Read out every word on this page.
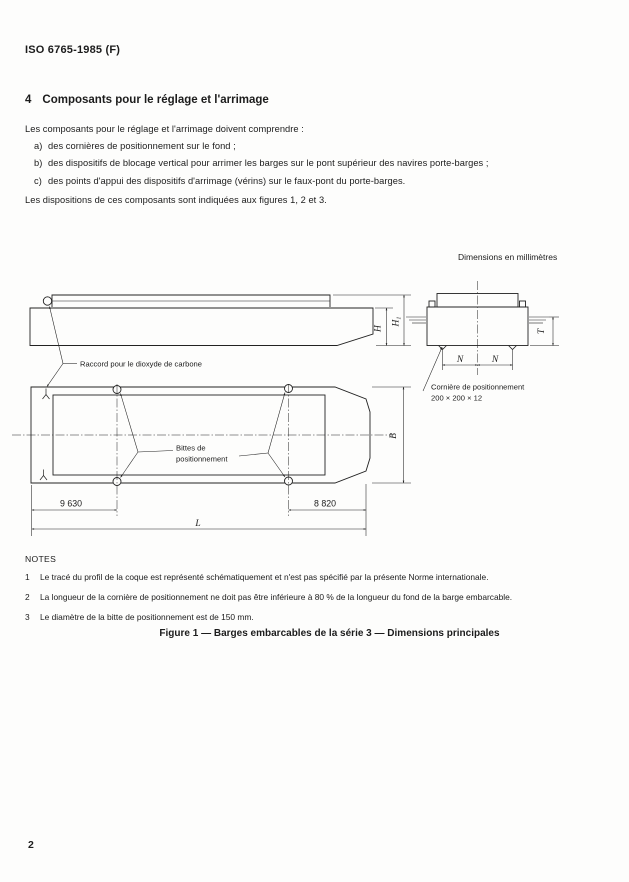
ISO 6765-1985 (F)
4 Composants pour le réglage et l'arrimage
Les composants pour le réglage et l'arrimage doivent comprendre :
a) des cornières de positionnement sur le fond ;
b) des dispositifs de blocage vertical pour arrimer les barges sur le pont supérieur des navires porte-barges ;
c) des points d'appui des dispositifs d'arrimage (vérins) sur le faux-pont du porte-barges.
Les dispositions de ces composants sont indiquées aux figures 1, 2 et 3.
Dimensions en millimètres
H
H1
Raccord pour le dioxyde de carbone	N	N
T
Cornière de positionnement
200 × 200 × 12
Bittes de
positionnement
B
9 630	8 820
L
NOTES
1 Le tracé du profil de la coque est représenté schématiquement et n'est pas spécifié par la présente Norme internationale.
2 La longueur de la cornière de positionnement ne doit pas être inférieure à 80 % de la longueur du fond de la barge embarcable.
3 Le diamètre de la bitte de positionnement est de 150 mm.
Figure 1 — Barges embarcables de la série 3 — Dimensions principales
2
